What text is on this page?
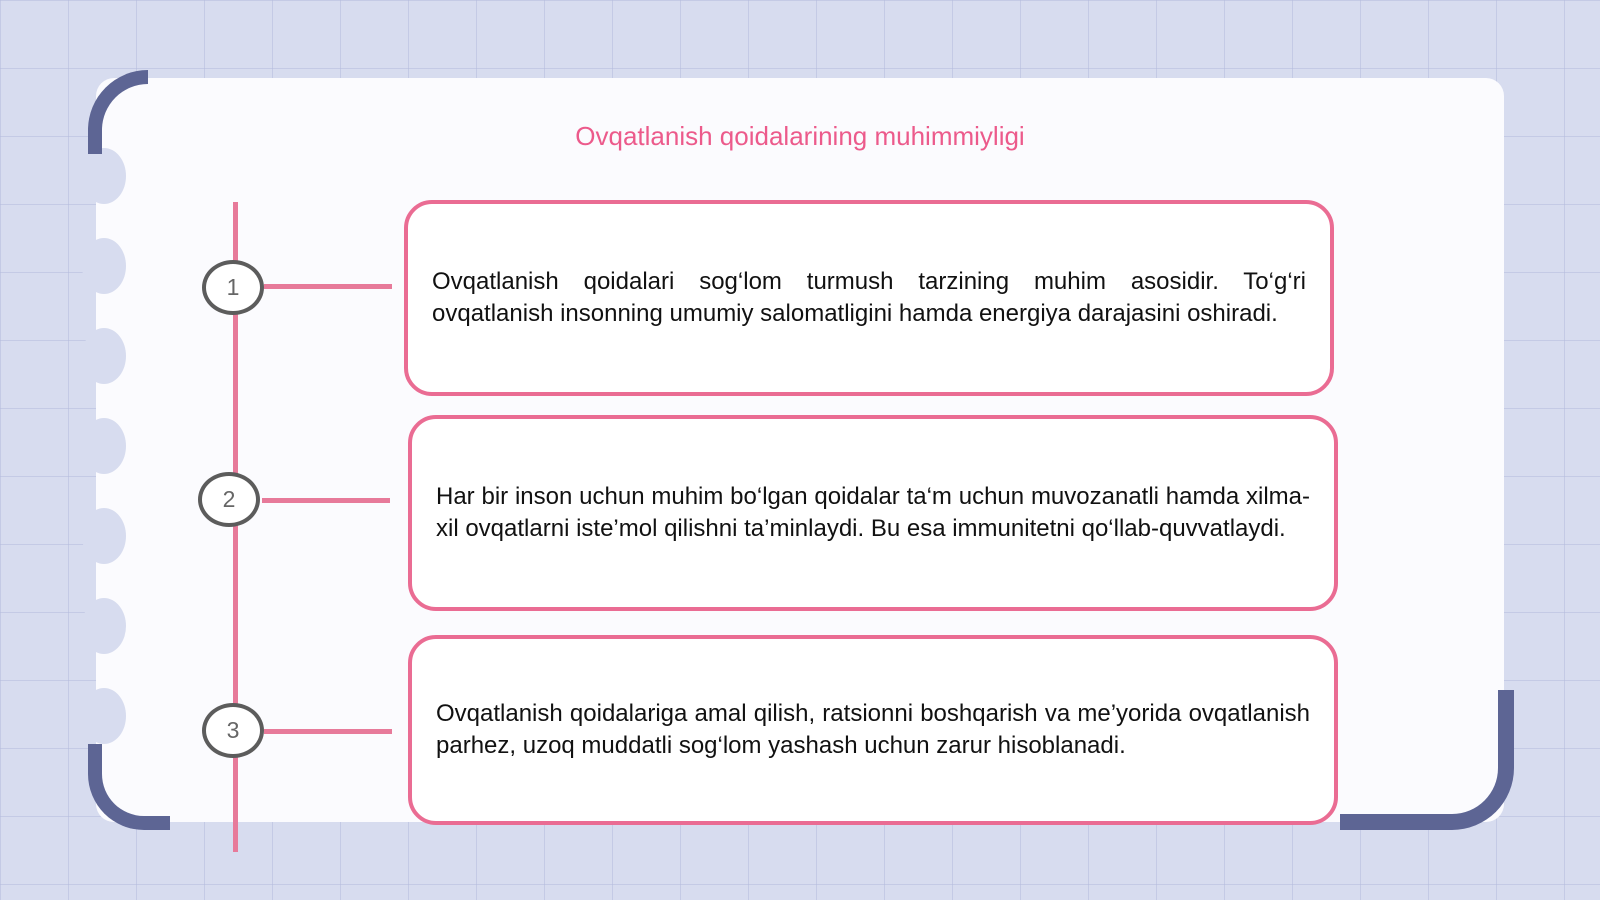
Ovqatlanish qoidalarining muhimmiyligi
1
2
3

Ovqatlanish qoidalari sog‘lom turmush tarzining muhim asosidir. To‘g‘ri ovqatlanish insonning umumiy salomatligini hamda energiya darajasini oshiradi.

Har bir inson uchun muhim bo‘lgan qoidalar ta‘m uchun muvozanatli hamda xilma-xil ovqatlarni iste’mol qilishni ta’minlaydi. Bu esa immunitetni qo‘llab-quvvatlaydi.

Ovqatlanish qoidalariga amal qilish, ratsionni boshqarish va me’yorida ovqatlanish parhez, uzoq muddatli sog‘lom yashash uchun zarur hisoblanadi.
